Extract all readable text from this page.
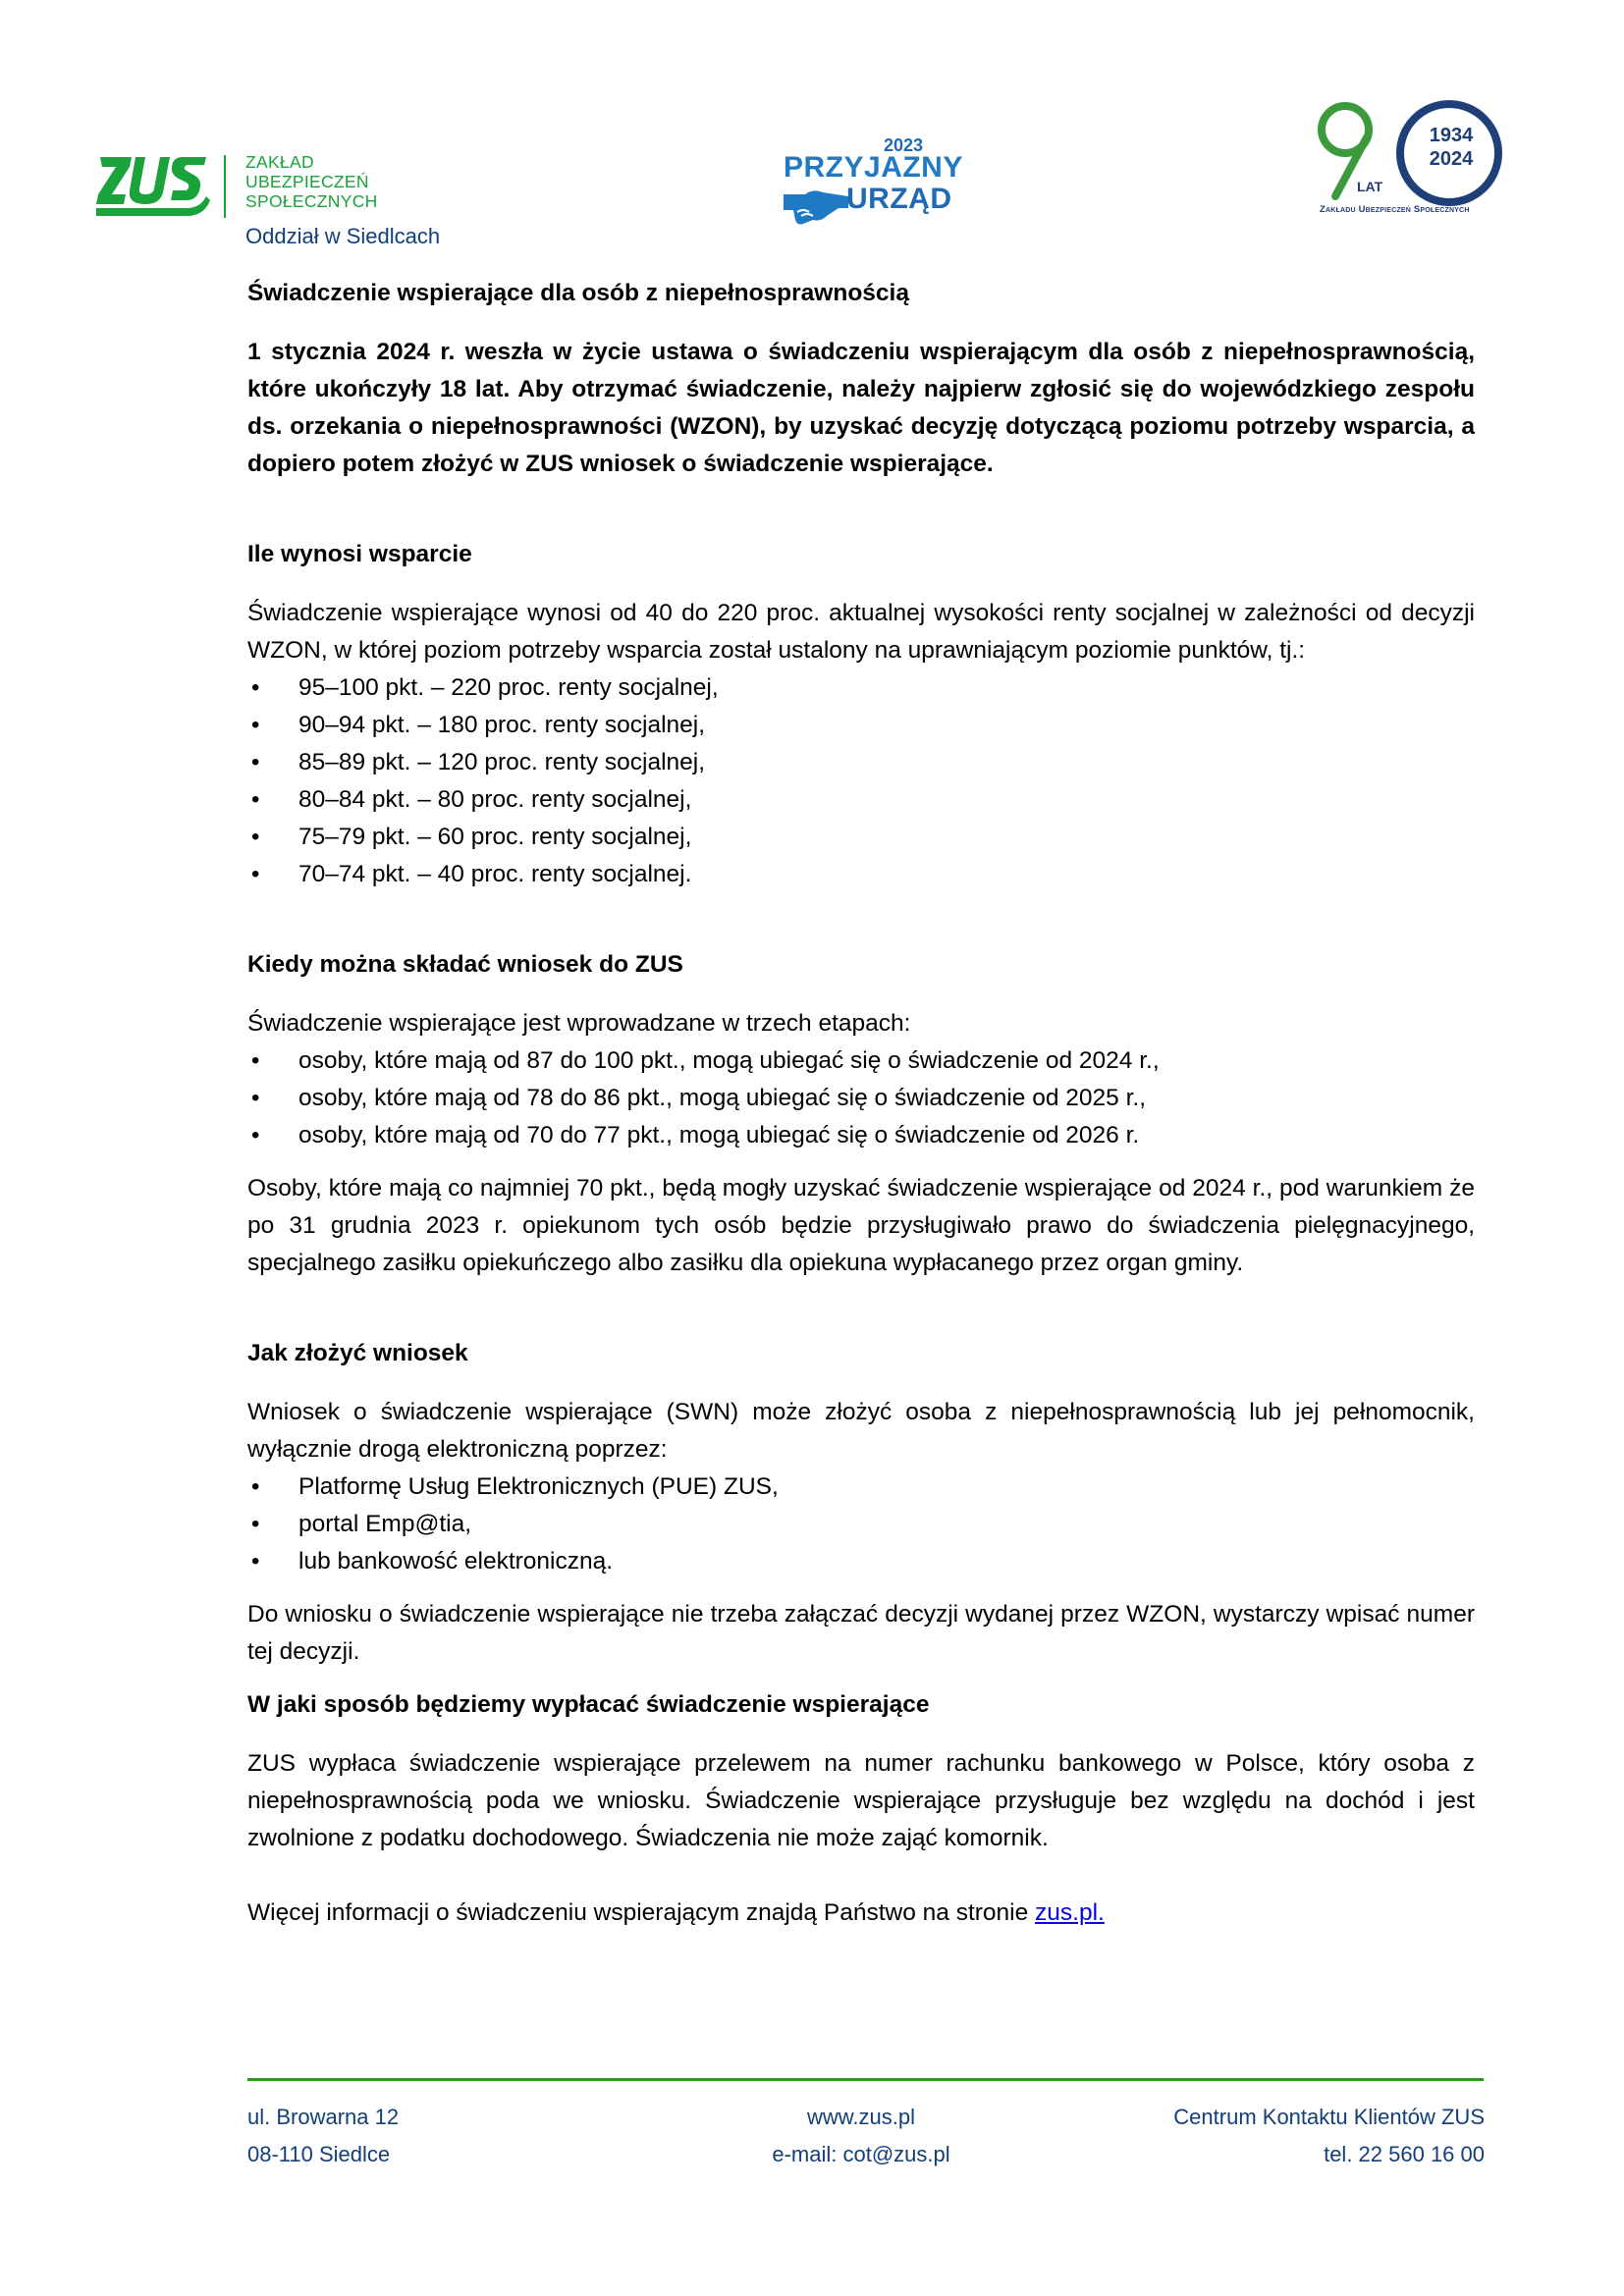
ZAKŁAD
UBEZPIECZEŃ
SPOŁECZNYCH
Oddział w Siedlcach
2023
PRZYJAZNY
URZĄD
1934
2024
LAT
Zakładu Ubezpieczeń Społecznych

Świadczenie wspierające dla osób z niepełnosprawnością

1 stycznia 2024 r. weszła w życie ustawa o świadczeniu wspierającym dla osób z niepełnosprawnością, które ukończyły 18 lat. Aby otrzymać świadczenie, należy najpierw zgłosić się do wojewódzkiego zespołu ds. orzekania o niepełnosprawności (WZON), by uzyskać decyzję dotyczącą poziomu potrzeby wsparcia, a dopiero potem złożyć w ZUS wniosek o świadczenie wspierające.

Ile wynosi wsparcie

Świadczenie wspierające wynosi od 40 do 220 proc. aktualnej wysokości renty socjalnej w zależności od decyzji WZON, w której poziom potrzeby wsparcia został ustalony na uprawniającym poziomie punktów, tj.:

• 95–100 pkt. – 220 proc. renty socjalnej,
• 90–94 pkt. – 180 proc. renty socjalnej,
• 85–89 pkt. – 120 proc. renty socjalnej,
• 80–84 pkt. – 80 proc. renty socjalnej,
• 75–79 pkt. – 60 proc. renty socjalnej,
• 70–74 pkt. – 40 proc. renty socjalnej.

Kiedy można składać wniosek do ZUS

Świadczenie wspierające jest wprowadzane w trzech etapach:

• osoby, które mają od 87 do 100 pkt., mogą ubiegać się o świadczenie od 2024 r.,
• osoby, które mają od 78 do 86 pkt., mogą ubiegać się o świadczenie od 2025 r.,
• osoby, które mają od 70 do 77 pkt., mogą ubiegać się o świadczenie od 2026 r.

Osoby, które mają co najmniej 70 pkt., będą mogły uzyskać świadczenie wspierające od 2024 r., pod warunkiem że po 31 grudnia 2023 r. opiekunom tych osób będzie przysługiwało prawo do świadczenia pielęgnacyjnego, specjalnego zasiłku opiekuńczego albo zasiłku dla opiekuna wypłacanego przez organ gminy.

Jak złożyć wniosek

Wniosek o świadczenie wspierające (SWN) może złożyć osoba z niepełnosprawnością lub jej pełnomocnik, wyłącznie drogą elektroniczną poprzez:

• Platformę Usług Elektronicznych (PUE) ZUS,
• portal Emp@tia,
• lub bankowość elektroniczną.

Do wniosku o świadczenie wspierające nie trzeba załączać decyzji wydanej przez WZON, wystarczy wpisać numer tej decyzji.

W jaki sposób będziemy wypłacać świadczenie wspierające

ZUS wypłaca świadczenie wspierające przelewem na numer rachunku bankowego w Polsce, który osoba z niepełnosprawnością poda we wniosku. Świadczenie wspierające przysługuje bez względu na dochód i jest zwolnione z podatku dochodowego. Świadczenia nie może zająć komornik.

Więcej informacji o świadczeniu wspierającym znajdą Państwo na stronie zus.pl.

ul. Browarna 12
08-110 Siedlce
www.zus.pl
e-mail: cot@zus.pl
Centrum Kontaktu Klientów ZUS
tel. 22 560 16 00
